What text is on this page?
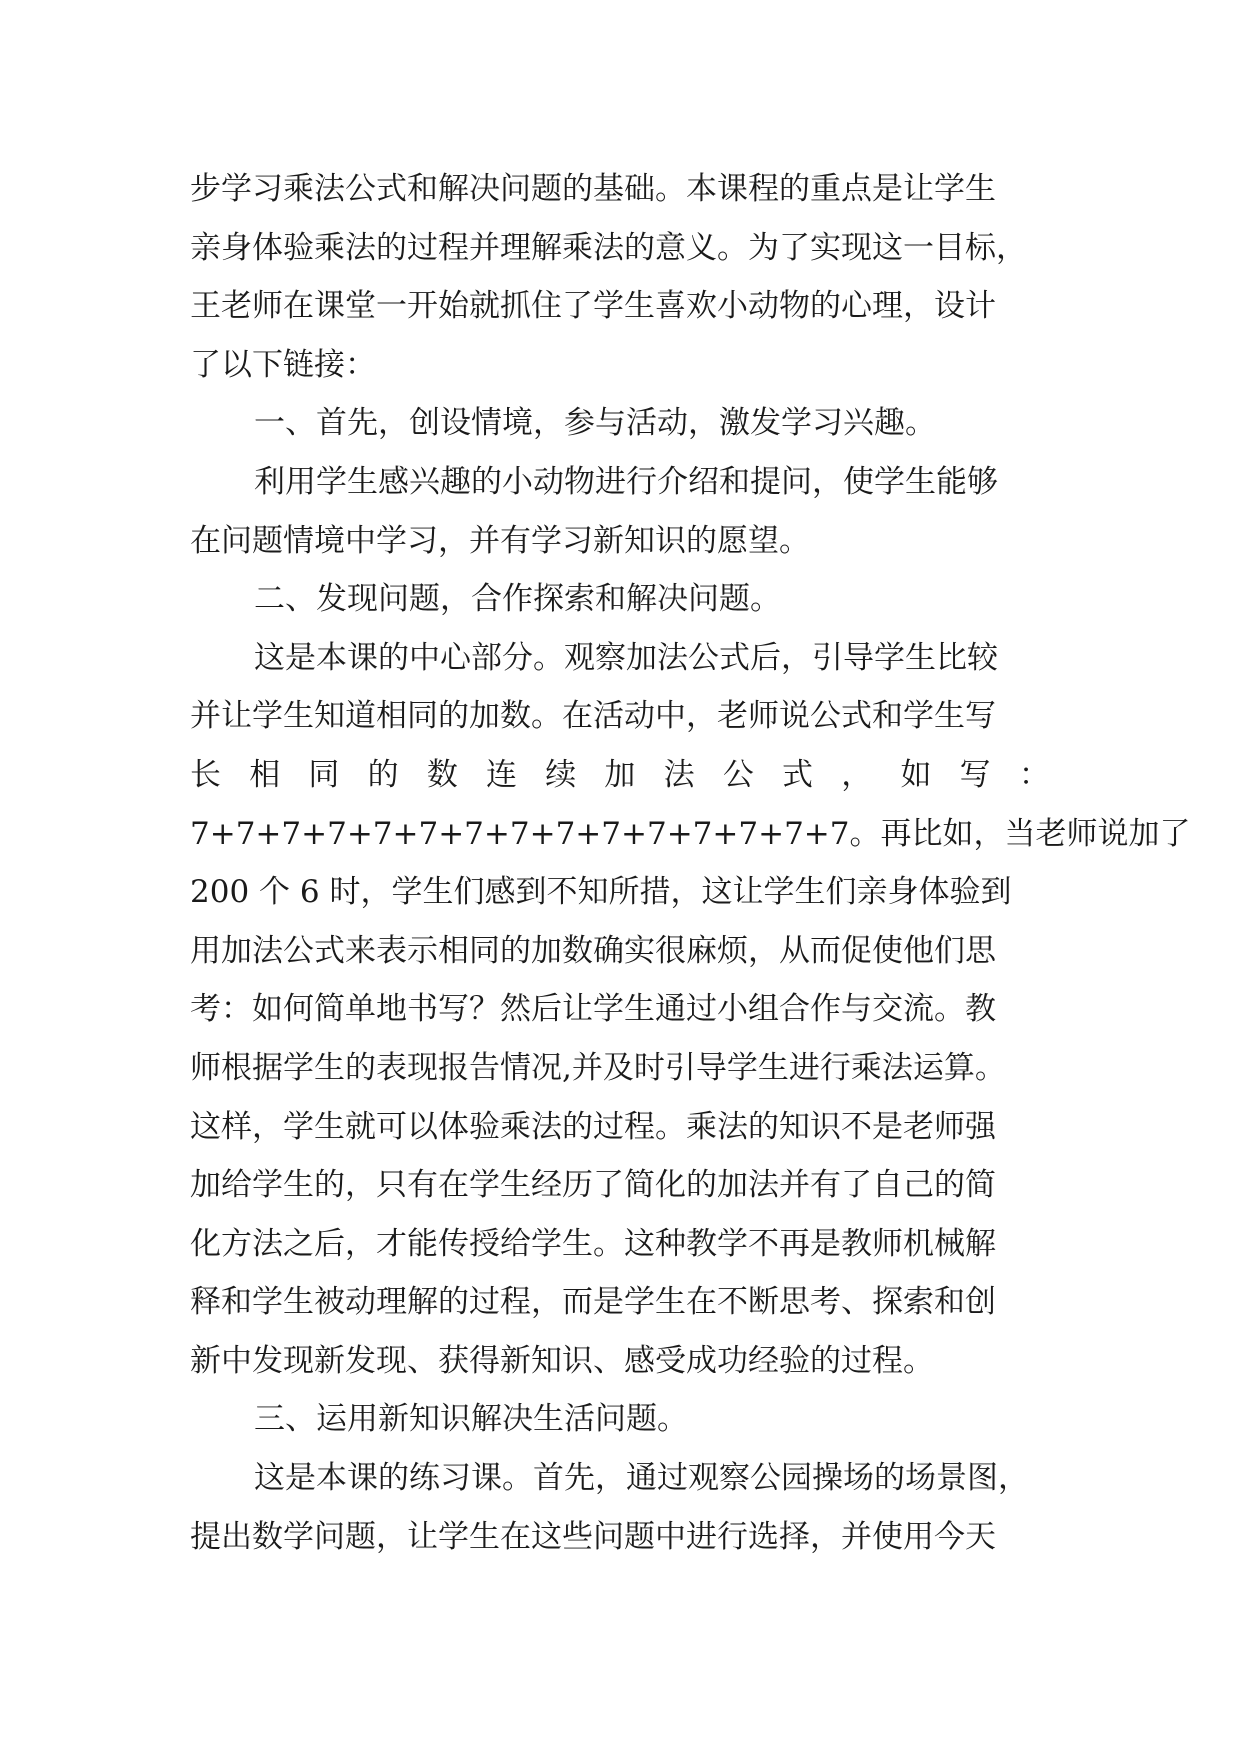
步学习乘法公式和解决问题的基础。本课程的重点是让学生
亲身体验乘法的过程并理解乘法的意义。为了实现这一目标，
王老师在课堂一开始就抓住了学生喜欢小动物的心理，设计
了以下链接：
一、首先，创设情境，参与活动，激发学习兴趣。
利用学生感兴趣的小动物进行介绍和提问，使学生能够
在问题情境中学习，并有学习新知识的愿望。
二、发现问题，合作探索和解决问题。
这是本课的中心部分。观察加法公式后，引导学生比较
并让学生知道相同的加数。在活动中，老师说公式和学生写
长 相 同 的 数 连 续 加 法 公 式 ， 如 写 ：
7+7+7+7+7+7+7+7+7+7+7+7+7+7+7。再比如，当老师说加了
200 个 6 时，学生们感到不知所措，这让学生们亲身体验到
用加法公式来表示相同的加数确实很麻烦，从而促使他们思
考：如何简单地书写？然后让学生通过小组合作与交流。教
师根据学生的表现报告情况,并及时引导学生进行乘法运算。
这样，学生就可以体验乘法的过程。乘法的知识不是老师强
加给学生的，只有在学生经历了简化的加法并有了自己的简
化方法之后，才能传授给学生。这种教学不再是教师机械解
释和学生被动理解的过程，而是学生在不断思考、探索和创
新中发现新发现、获得新知识、感受成功经验的过程。
三、运用新知识解决生活问题。
这是本课的练习课。首先，通过观察公园操场的场景图，
提出数学问题，让学生在这些问题中进行选择，并使用今天
